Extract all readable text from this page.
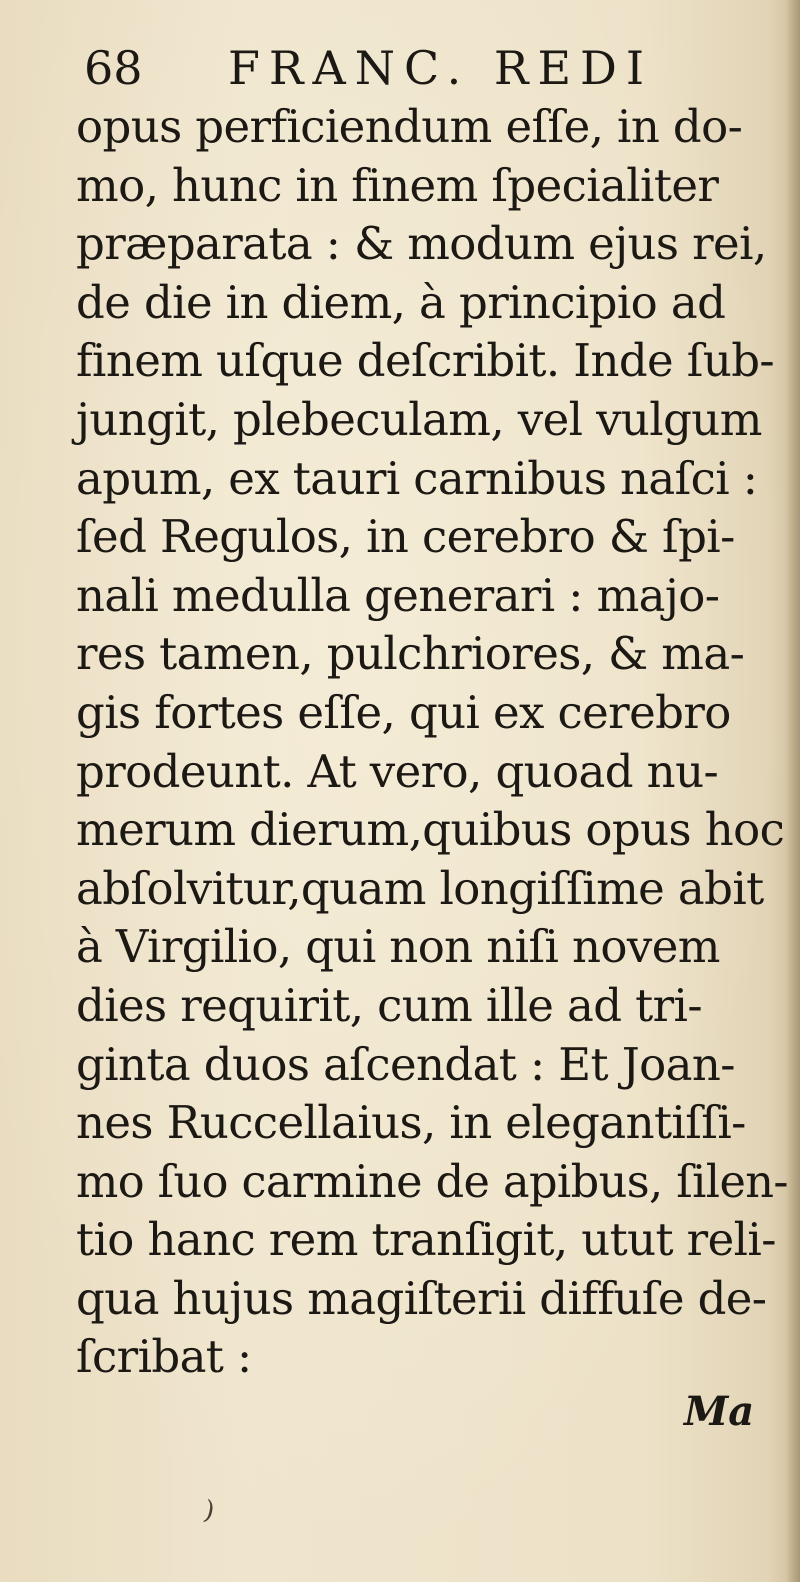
68 FRANC. REDI
opus perficiendum eſſe, in do-
mo, hunc in finem ſpecialiter
præparata : & modum ejus rei,
de die in diem, à principio ad
finem uſque deſcribit. Inde ſub-
jungit, plebeculam, vel vulgum
apum, ex tauri carnibus naſci :
ſed Regulos, in cerebro & ſpi-
nali medulla generari : majo-
res tamen, pulchriores, & ma-
gis fortes eſſe, qui ex cerebro
prodeunt. At vero, quoad nu-
merum dierum,quibus opus hoc
abſolvitur,quam longiſſime abit
à Virgilio, qui non niſi novem
dies requirit, cum ille ad tri-
ginta duos aſcendat : Et Joan-
nes Ruccellaius, in elegantiſſi-
mo ſuo carmine de apibus, ſilen-
tio hanc rem tranſigit, utut reli-
qua hujus magiſterii diffuſe de-
ſcribat :
Ma
)
